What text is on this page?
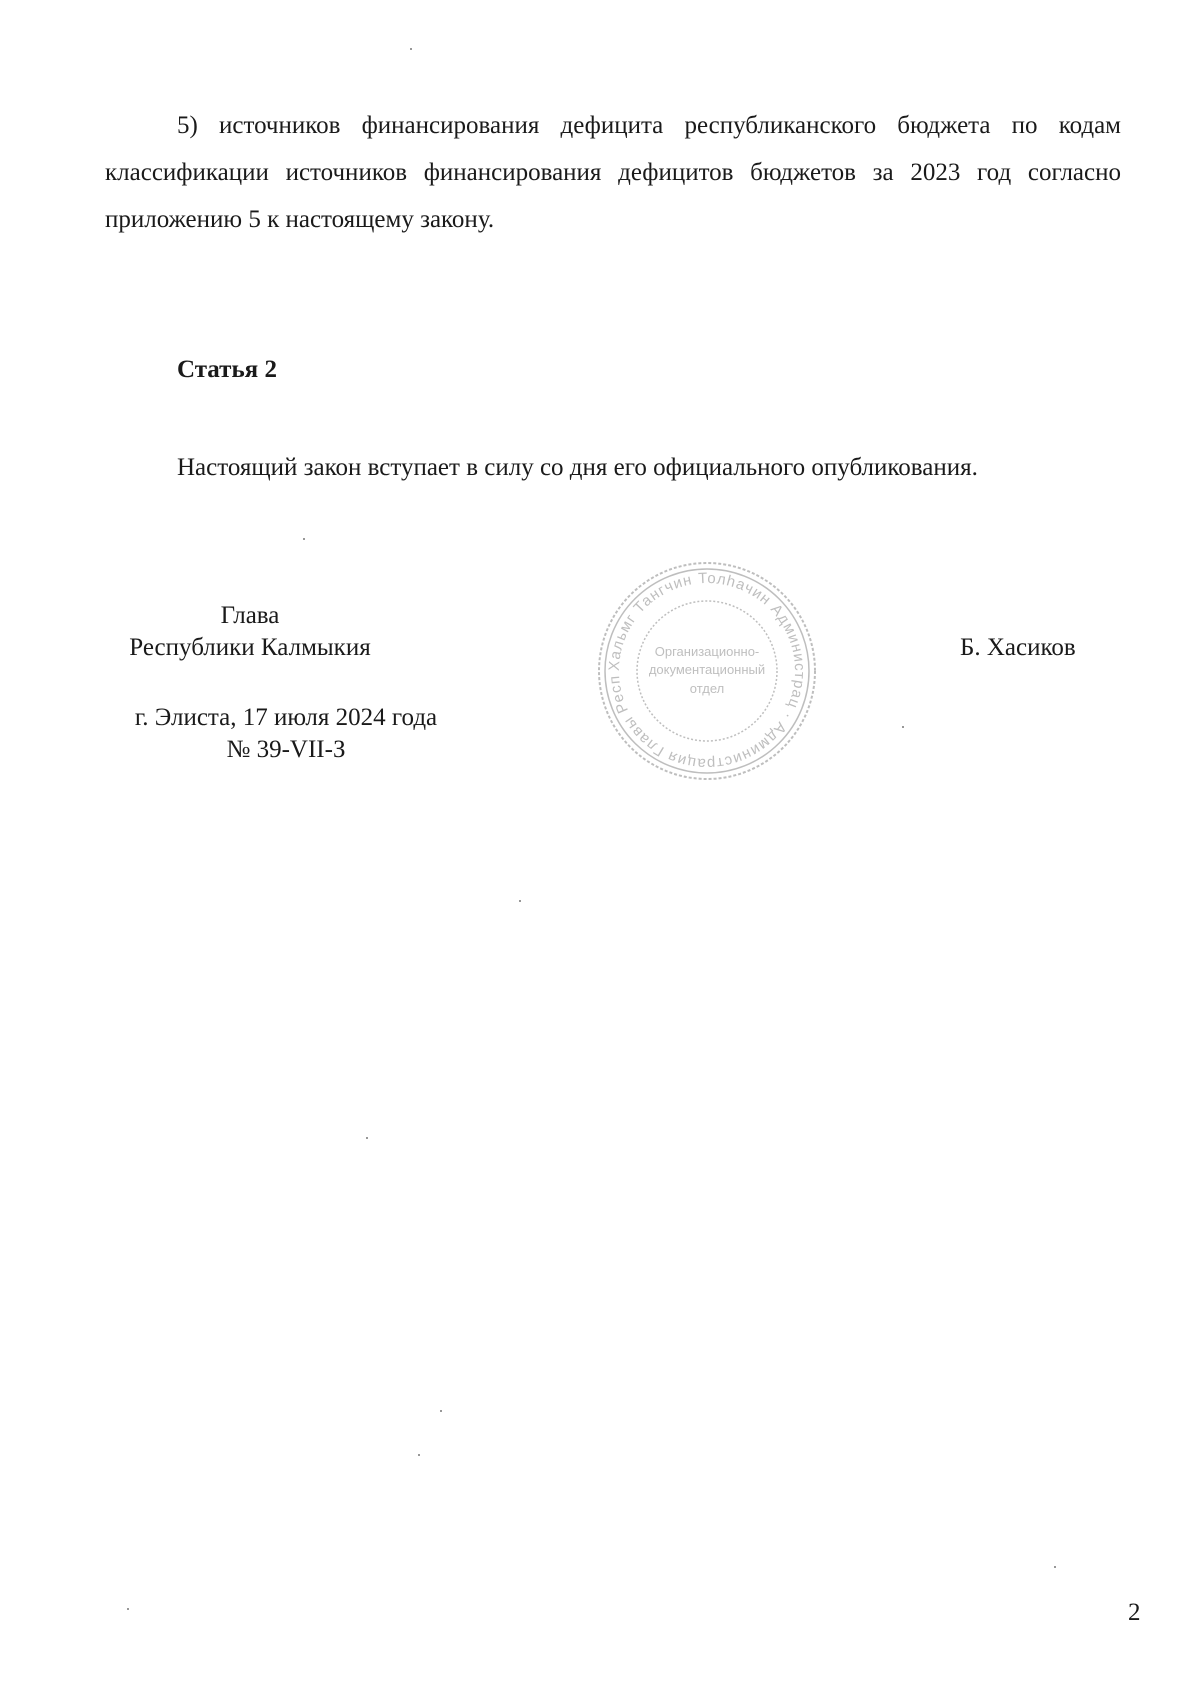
5) источников финансирования дефицита республиканского бюджета по кодам классификации источников финансирования дефицитов бюджетов за 2023 год согласно приложению 5 к настоящему закону.

Статья 2

Настоящий закон вступает в силу со дня его официального опубликования.

Глава
Республики Калмыкия
г. Элиста, 17 июля 2024 года
№ 39-VII-З
Хальмг Тангчин Толһачин Администрац · Администрация Главы Респ
Организационно-
документационный
отдел
Б. Хасиков
2
